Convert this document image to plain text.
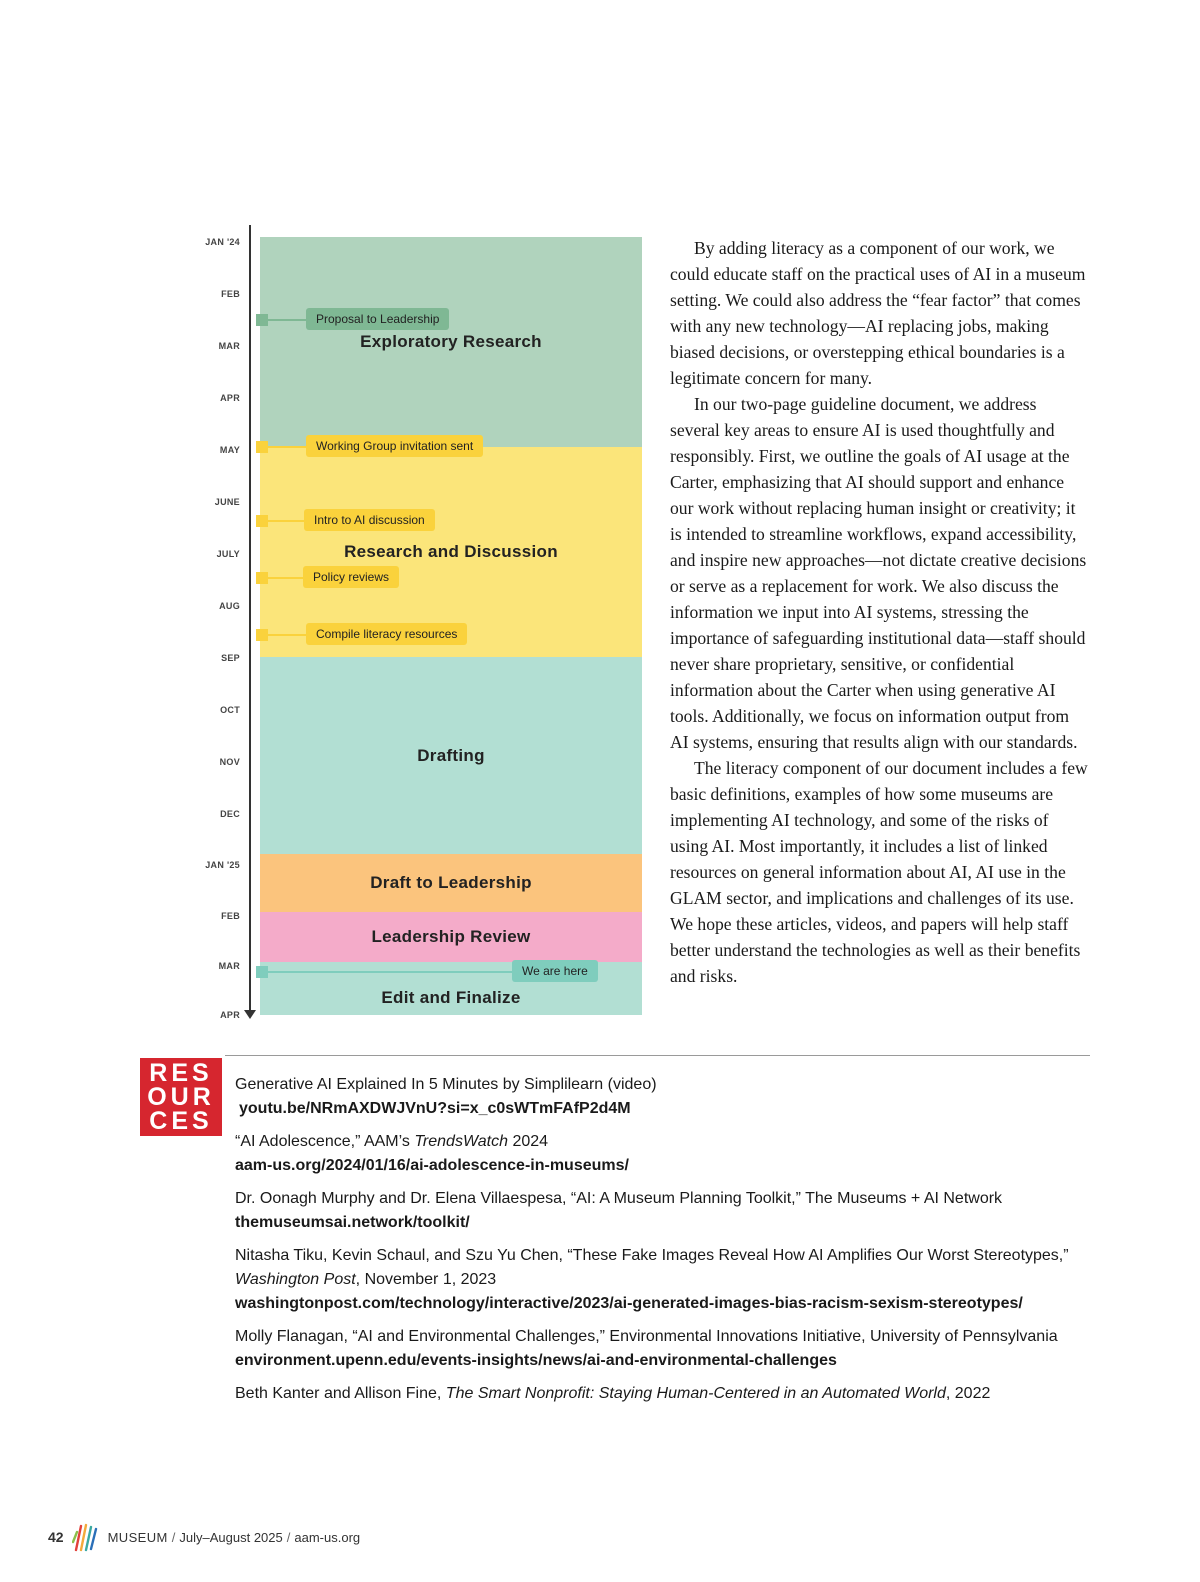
JAN '24
FEB
MAR
APR
MAY
JUNE
JULY
AUG
SEP
OCT
NOV
DEC
JAN '25
FEB
MAR
APR
Exploratory Research
Research and Discussion
Drafting
Draft to Leadership
Leadership Review
Edit and Finalize
Proposal to Leadership
Working Group invitation sent
Intro to AI discussion
Policy reviews
Compile literacy resources
We are here

By adding literacy as a component of our work, we could educate staff on the practical uses of AI in a museum setting. We could also address the “fear factor” that comes with any new technology—AI replacing jobs, making biased decisions, or overstepping ethical boundaries is a legitimate concern for many.

In our two-page guideline document, we address several key areas to ensure AI is used thoughtfully and responsibly. First, we outline the goals of AI usage at the Carter, emphasizing that AI should support and enhance our work without replacing human insight or creativity; it is intended to streamline workflows, expand accessibility, and inspire new approaches—not dictate creative decisions or serve as a replacement for work. We also discuss the information we input into AI systems, stressing the importance of safeguarding institutional data—staff should never share proprietary, sensitive, or confidential information about the Carter when using generative AI tools. Additionally, we focus on information output from AI systems, ensuring that results align with our standards.

The literacy component of our document includes a few basic definitions, examples of how some museums are implementing AI technology, and some of the risks of using AI. Most importantly, it includes a list of linked resources on general information about AI, AI use in the GLAM sector, and implications and challenges of its use. We hope these articles, videos, and papers will help staff better understand the technologies as well as their benefits and risks.

RES
OUR
CES
Generative AI Explained In 5 Minutes by Simplilearn (video)
youtu.be/NRmAXDWJVnU?si=x_c0sWTmFAfP2d4M
“AI Adolescence,” AAM’s TrendsWatch 2024
aam-us.org/2024/01/16/ai-adolescence-in-museums/
Dr. Oonagh Murphy and Dr. Elena Villaespesa, “AI: A Museum Planning Toolkit,” The Museums + AI Network
themuseumsai.network/toolkit/
Nitasha Tiku, Kevin Schaul, and Szu Yu Chen, “These Fake Images Reveal How AI Amplifies Our Worst Stereotypes,” Washington Post, November 1, 2023
washingtonpost.com/technology/interactive/2023/ai-generated-images-bias-racism-sexism-stereotypes/
Molly Flanagan, “AI and Environmental Challenges,” Environmental Innovations Initiative, University of Pennsylvania
environment.upenn.edu/events-insights/news/ai-and-environmental-challenges
Beth Kanter and Allison Fine, The Smart Nonprofit: Staying Human-Centered in an Automated World, 2022
42	MUSEUM / July–August 2025 / aam-us.org
